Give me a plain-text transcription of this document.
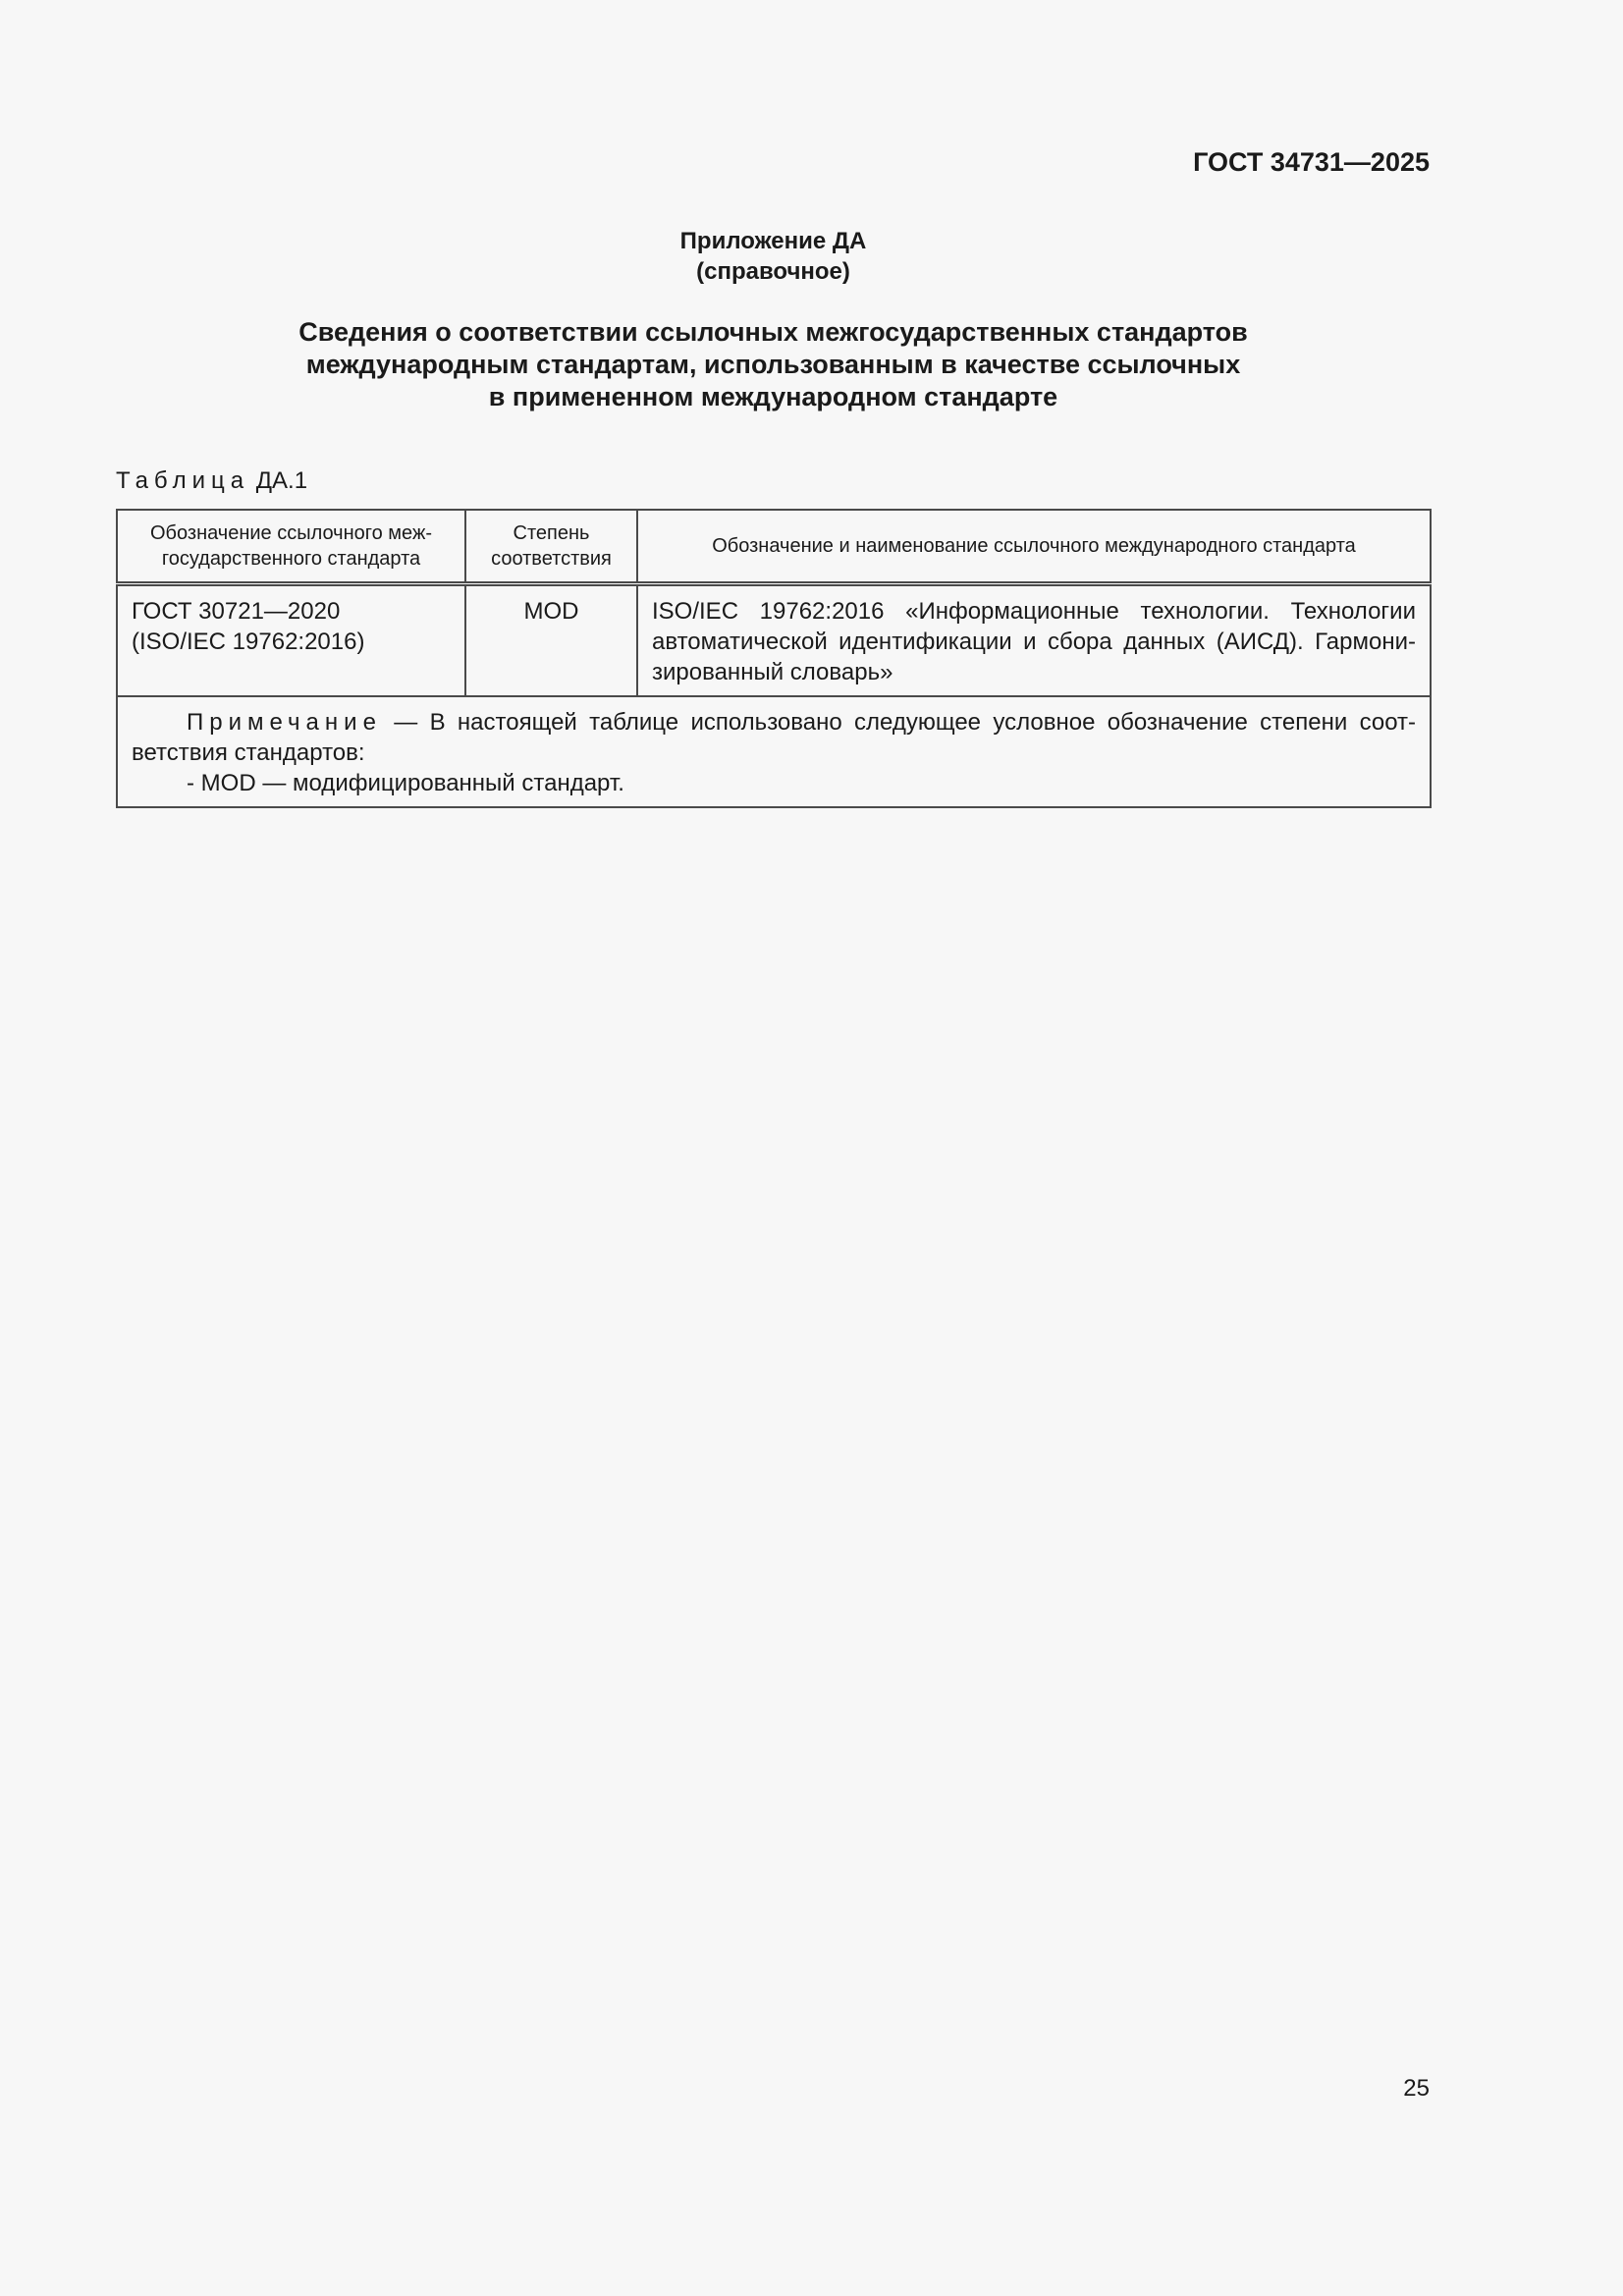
ГОСТ 34731—2025
Приложение ДА
(справочное)
Сведения о соответствии ссылочных межгосударственных стандартов
международным стандартам, использованным в качестве ссылочных
в примененном международном стандарте
Таблица ДА.1
Обозначение ссылочного меж-государственного стандарта	Степень соответствия	Обозначение и наименование ссылочного международного стандарта

ГОСТ 30721—2020
(ISO/IEC 19762:2016)	MOD	ISO/IEC 19762:2016 «Информационные технологии. Технологии автоматической идентификации и сбора данных (АИСД). Гармони-зированный словарь»

Примечание — В настоящей таблице использовано следующее условное обозначение степени соот-ветствия стандартов:

- MOD — модифицированный стандарт.		

25
